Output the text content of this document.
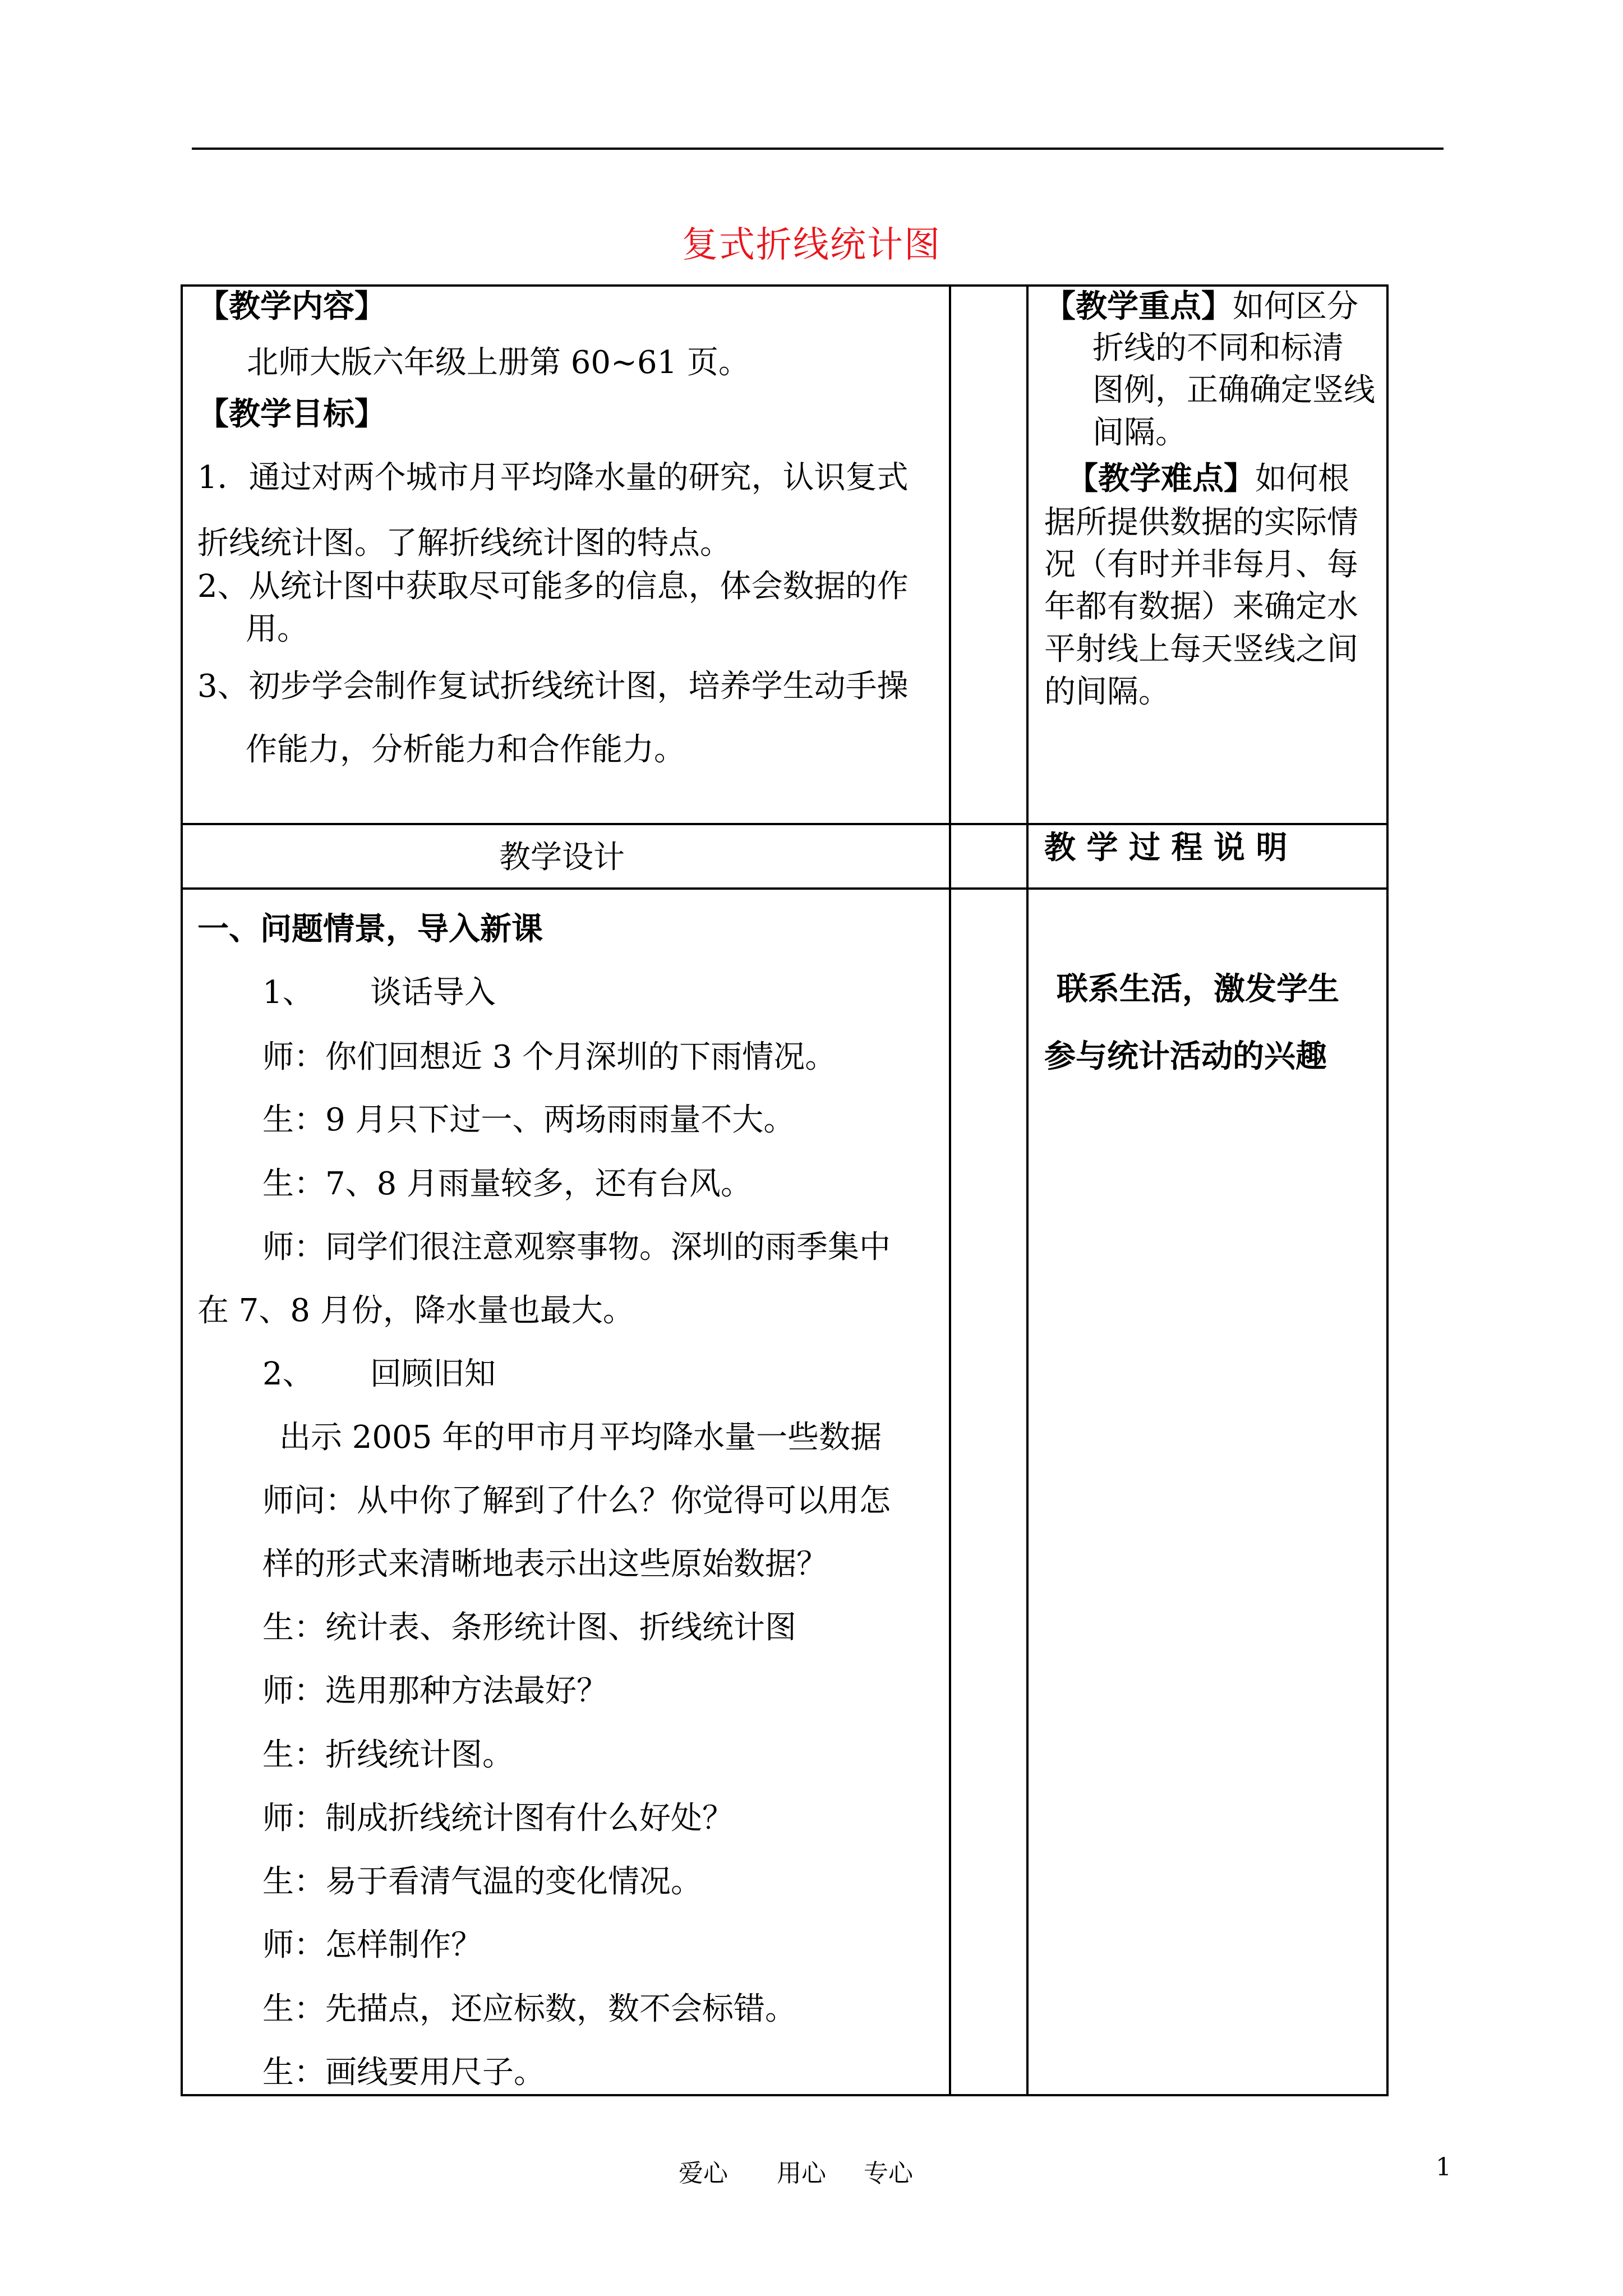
复式折线统计图
【教学内容】
北师大版六年级上册第 60~61 页。
【教学目标】
1．通过对两个城市月平均降水量的研究，认识复式
折线统计图。了解折线统计图的特点。
2、从统计图中获取尽可能多的信息，体会数据的作
用。
3、初步学会制作复试折线统计图，培养学生动手操
作能力，分析能力和合作能力。
【教学重点】如何区分
折线的不同和标清
图例，正确确定竖线
间隔。
【教学难点】如何根
据所提供数据的实际情
况（有时并非每月、每
年都有数据）来确定水
平射线上每天竖线之间
的间隔。
教学设计	教 学 过 程 说 明
一、问题情景，导入新课
1、 谈话导入
师：你们回想近 3 个月深圳的下雨情况。
生：9 月只下过一、两场雨雨量不大。
生：7、8 月雨量较多，还有台风。
师：同学们很注意观察事物。深圳的雨季集中
在 7、8 月份，降水量也最大。
2、 回顾旧知
出示 2005 年的甲市月平均降水量一些数据
师问：从中你了解到了什么？你觉得可以用怎
样的形式来清晰地表示出这些原始数据？
生：统计表、条形统计图、折线统计图
师：选用那种方法最好？
生：折线统计图。
师：制成折线统计图有什么好处？
生：易于看清气温的变化情况。
师：怎样制作？
生：先描点，还应标数，数不会标错。
生：画线要用尺子。
联系生活，激发学生
参与统计活动的兴趣
爱心 用心 专心	1
